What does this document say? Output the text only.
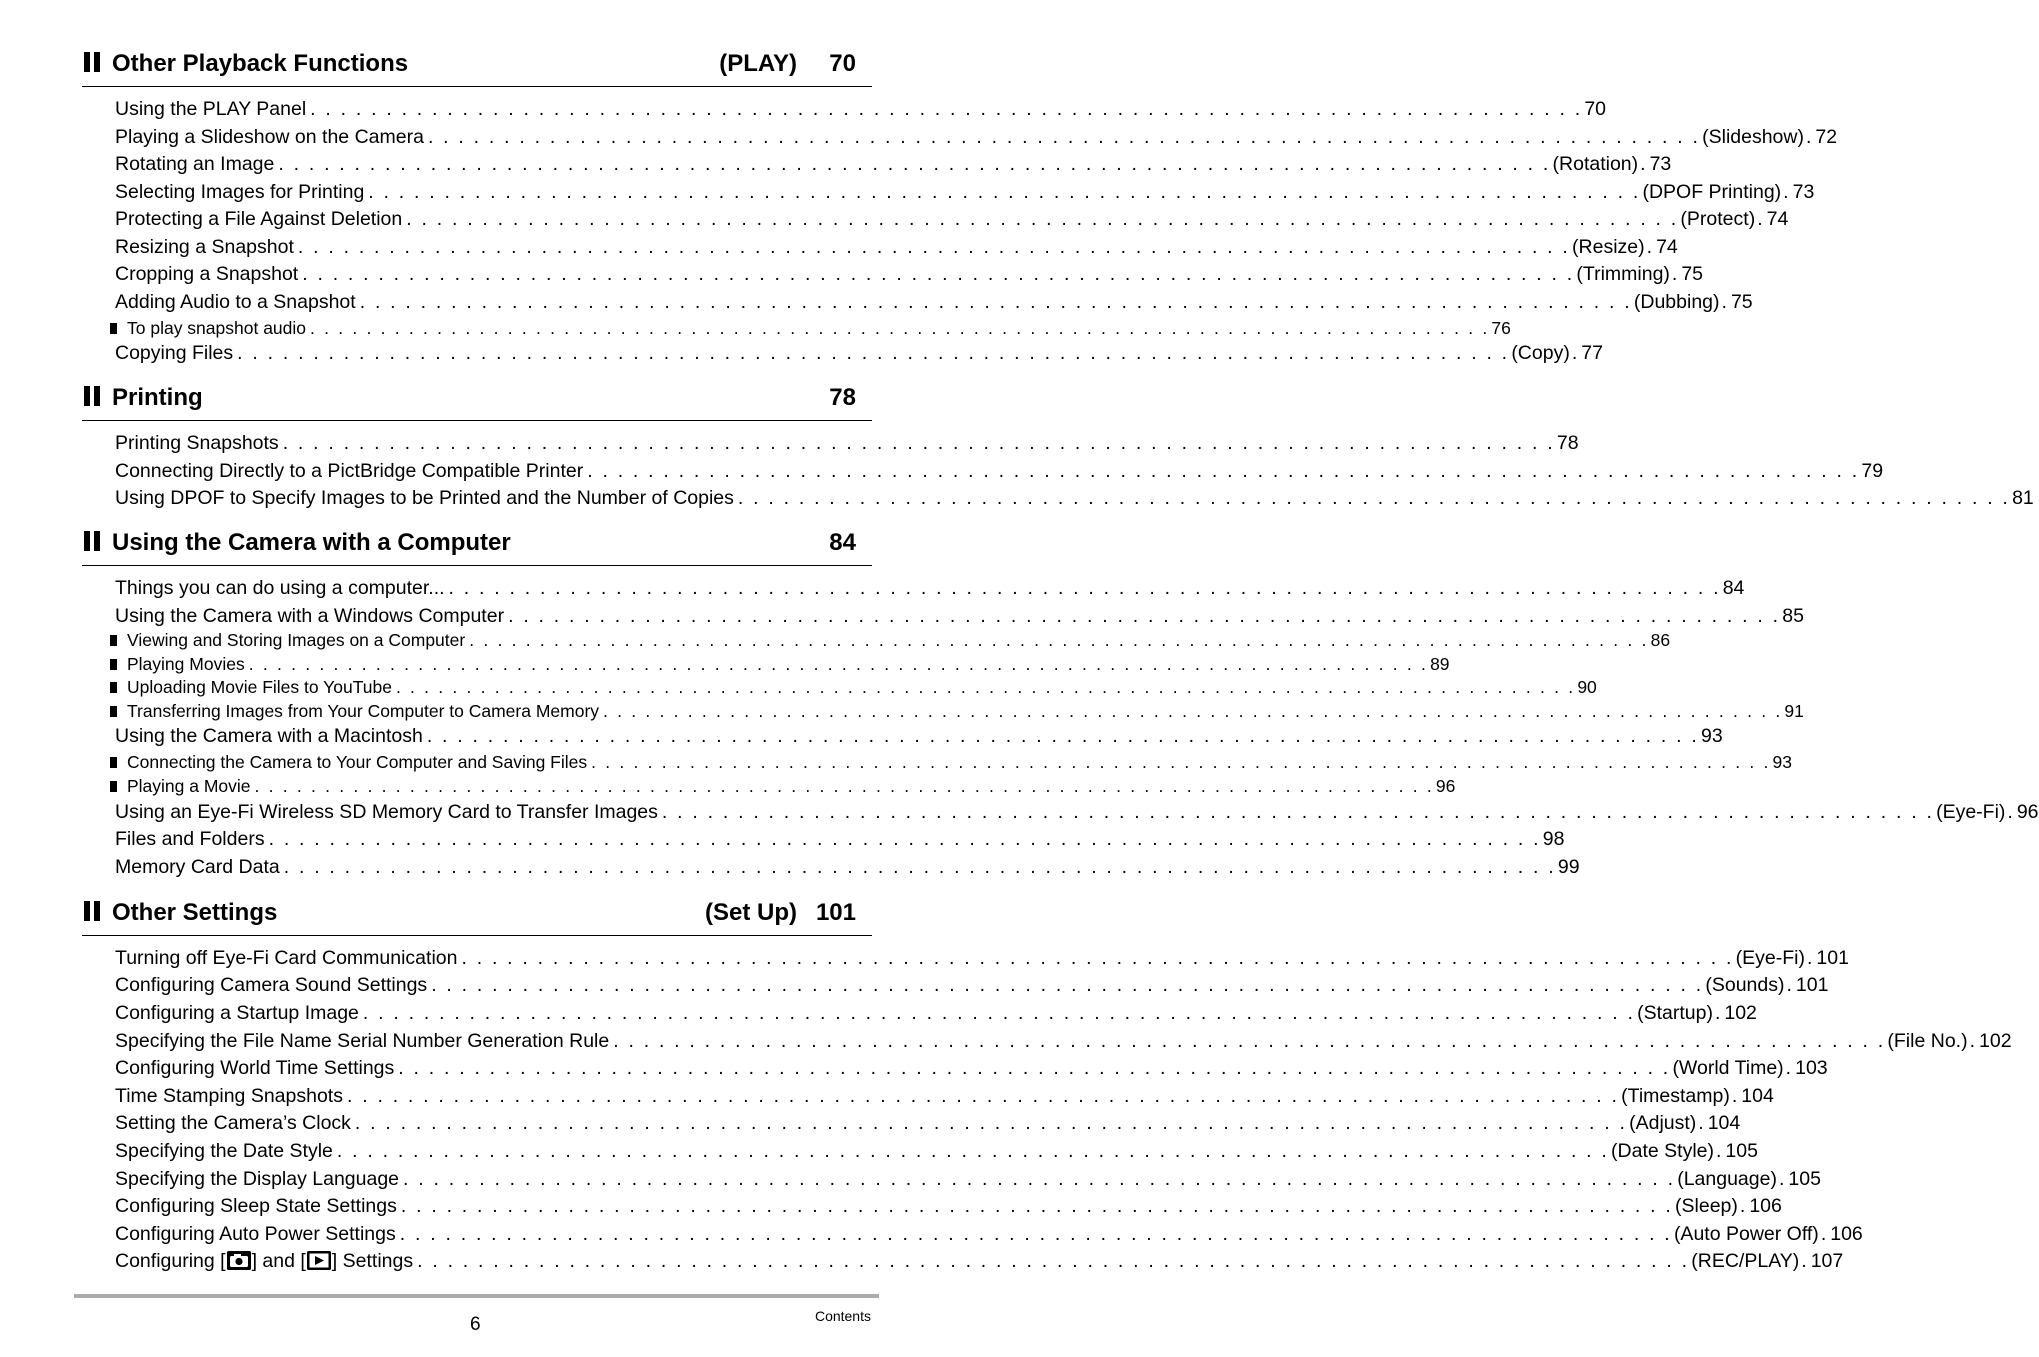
Other Playback Functions	(PLAY) 70
Using the PLAY Panel . . . . . . . . . . . . . . . . . . . . . . . . . . . . . . . . . . . . . . . . . . . . . . . . . . . . . . . . . . . . . . . . . . . . . . . . . . . . . . . . . . . . 70
Playing a Slideshow on the Camera . . . . . . . . . . . . . . . . . . . . . . . . . . . . . . . . . . . . . . . . . . . . . . . . . . . . . . . . . . . . . . . . . . . . . . . . . . . . . . . . . . . . (Slideshow) . 72
Rotating an Image . . . . . . . . . . . . . . . . . . . . . . . . . . . . . . . . . . . . . . . . . . . . . . . . . . . . . . . . . . . . . . . . . . . . . . . . . . . . . . . . . . . . (Rotation) . 73
Selecting Images for Printing . . . . . . . . . . . . . . . . . . . . . . . . . . . . . . . . . . . . . . . . . . . . . . . . . . . . . . . . . . . . . . . . . . . . . . . . . . . . . . . . . . . . (DPOF Printing) . 73
Protecting a File Against Deletion . . . . . . . . . . . . . . . . . . . . . . . . . . . . . . . . . . . . . . . . . . . . . . . . . . . . . . . . . . . . . . . . . . . . . . . . . . . . . . . . . . . . (Protect) . 74
Resizing a Snapshot . . . . . . . . . . . . . . . . . . . . . . . . . . . . . . . . . . . . . . . . . . . . . . . . . . . . . . . . . . . . . . . . . . . . . . . . . . . . . . . . . . . . (Resize) . 74
Cropping a Snapshot . . . . . . . . . . . . . . . . . . . . . . . . . . . . . . . . . . . . . . . . . . . . . . . . . . . . . . . . . . . . . . . . . . . . . . . . . . . . . . . . . . . . (Trimming) . 75
Adding Audio to a Snapshot . . . . . . . . . . . . . . . . . . . . . . . . . . . . . . . . . . . . . . . . . . . . . . . . . . . . . . . . . . . . . . . . . . . . . . . . . . . . . . . . . . . . (Dubbing) . 75
To play snapshot audio . . . . . . . . . . . . . . . . . . . . . . . . . . . . . . . . . . . . . . . . . . . . . . . . . . . . . . . . . . . . . . . . . . . . . . . . . . . . . . . . . . . . 76
Copying Files . . . . . . . . . . . . . . . . . . . . . . . . . . . . . . . . . . . . . . . . . . . . . . . . . . . . . . . . . . . . . . . . . . . . . . . . . . . . . . . . . . . . (Copy) . 77
Printing	78
Printing Snapshots . . . . . . . . . . . . . . . . . . . . . . . . . . . . . . . . . . . . . . . . . . . . . . . . . . . . . . . . . . . . . . . . . . . . . . . . . . . . . . . . . . . . 78
Connecting Directly to a PictBridge Compatible Printer . . . . . . . . . . . . . . . . . . . . . . . . . . . . . . . . . . . . . . . . . . . . . . . . . . . . . . . . . . . . . . . . . . . . . . . . . . . . . . . . . . . . 79
Using DPOF to Specify Images to be Printed and the Number of Copies . . . . . . . . . . . . . . . . . . . . . . . . . . . . . . . . . . . . . . . . . . . . . . . . . . . . . . . . . . . . . . . . . . . . . . . . . . . . . . . . . . . . 81
Using the Camera with a Computer	84
Things you can do using a computer... . . . . . . . . . . . . . . . . . . . . . . . . . . . . . . . . . . . . . . . . . . . . . . . . . . . . . . . . . . . . . . . . . . . . . . . . . . . . . . . . . . . . 84
Using the Camera with a Windows Computer . . . . . . . . . . . . . . . . . . . . . . . . . . . . . . . . . . . . . . . . . . . . . . . . . . . . . . . . . . . . . . . . . . . . . . . . . . . . . . . . . . . . 85
Viewing and Storing Images on a Computer . . . . . . . . . . . . . . . . . . . . . . . . . . . . . . . . . . . . . . . . . . . . . . . . . . . . . . . . . . . . . . . . . . . . . . . . . . . . . . . . . . . . 86
Playing Movies . . . . . . . . . . . . . . . . . . . . . . . . . . . . . . . . . . . . . . . . . . . . . . . . . . . . . . . . . . . . . . . . . . . . . . . . . . . . . . . . . . . . 89
Uploading Movie Files to YouTube . . . . . . . . . . . . . . . . . . . . . . . . . . . . . . . . . . . . . . . . . . . . . . . . . . . . . . . . . . . . . . . . . . . . . . . . . . . . . . . . . . . . 90
Transferring Images from Your Computer to Camera Memory . . . . . . . . . . . . . . . . . . . . . . . . . . . . . . . . . . . . . . . . . . . . . . . . . . . . . . . . . . . . . . . . . . . . . . . . . . . . . . . . . . . . 91
Using the Camera with a Macintosh . . . . . . . . . . . . . . . . . . . . . . . . . . . . . . . . . . . . . . . . . . . . . . . . . . . . . . . . . . . . . . . . . . . . . . . . . . . . . . . . . . . . 93
Connecting the Camera to Your Computer and Saving Files . . . . . . . . . . . . . . . . . . . . . . . . . . . . . . . . . . . . . . . . . . . . . . . . . . . . . . . . . . . . . . . . . . . . . . . . . . . . . . . . . . . . 93
Playing a Movie . . . . . . . . . . . . . . . . . . . . . . . . . . . . . . . . . . . . . . . . . . . . . . . . . . . . . . . . . . . . . . . . . . . . . . . . . . . . . . . . . . . . 96
Using an Eye-Fi Wireless SD Memory Card to Transfer Images . . . . . . . . . . . . . . . . . . . . . . . . . . . . . . . . . . . . . . . . . . . . . . . . . . . . . . . . . . . . . . . . . . . . . . . . . . . . . . . . . . . . (Eye-Fi) . 96
Files and Folders . . . . . . . . . . . . . . . . . . . . . . . . . . . . . . . . . . . . . . . . . . . . . . . . . . . . . . . . . . . . . . . . . . . . . . . . . . . . . . . . . . . . 98
Memory Card Data . . . . . . . . . . . . . . . . . . . . . . . . . . . . . . . . . . . . . . . . . . . . . . . . . . . . . . . . . . . . . . . . . . . . . . . . . . . . . . . . . . . . 99
Other Settings	(Set Up) 101
Turning off Eye-Fi Card Communication . . . . . . . . . . . . . . . . . . . . . . . . . . . . . . . . . . . . . . . . . . . . . . . . . . . . . . . . . . . . . . . . . . . . . . . . . . . . . . . . . . . . (Eye-Fi) . 101
Configuring Camera Sound Settings . . . . . . . . . . . . . . . . . . . . . . . . . . . . . . . . . . . . . . . . . . . . . . . . . . . . . . . . . . . . . . . . . . . . . . . . . . . . . . . . . . . . (Sounds) . 101
Configuring a Startup Image . . . . . . . . . . . . . . . . . . . . . . . . . . . . . . . . . . . . . . . . . . . . . . . . . . . . . . . . . . . . . . . . . . . . . . . . . . . . . . . . . . . . (Startup) . 102
Specifying the File Name Serial Number Generation Rule . . . . . . . . . . . . . . . . . . . . . . . . . . . . . . . . . . . . . . . . . . . . . . . . . . . . . . . . . . . . . . . . . . . . . . . . . . . . . . . . . . . . (File No.) . 102
Configuring World Time Settings . . . . . . . . . . . . . . . . . . . . . . . . . . . . . . . . . . . . . . . . . . . . . . . . . . . . . . . . . . . . . . . . . . . . . . . . . . . . . . . . . . . . (World Time) . 103
Time Stamping Snapshots . . . . . . . . . . . . . . . . . . . . . . . . . . . . . . . . . . . . . . . . . . . . . . . . . . . . . . . . . . . . . . . . . . . . . . . . . . . . . . . . . . . . (Timestamp) . 104
Setting the Camera’s Clock . . . . . . . . . . . . . . . . . . . . . . . . . . . . . . . . . . . . . . . . . . . . . . . . . . . . . . . . . . . . . . . . . . . . . . . . . . . . . . . . . . . . (Adjust) . 104
Specifying the Date Style . . . . . . . . . . . . . . . . . . . . . . . . . . . . . . . . . . . . . . . . . . . . . . . . . . . . . . . . . . . . . . . . . . . . . . . . . . . . . . . . . . . . (Date Style) . 105
Specifying the Display Language . . . . . . . . . . . . . . . . . . . . . . . . . . . . . . . . . . . . . . . . . . . . . . . . . . . . . . . . . . . . . . . . . . . . . . . . . . . . . . . . . . . . (Language) . 105
Configuring Sleep State Settings . . . . . . . . . . . . . . . . . . . . . . . . . . . . . . . . . . . . . . . . . . . . . . . . . . . . . . . . . . . . . . . . . . . . . . . . . . . . . . . . . . . . (Sleep) . 106
Configuring Auto Power Settings . . . . . . . . . . . . . . . . . . . . . . . . . . . . . . . . . . . . . . . . . . . . . . . . . . . . . . . . . . . . . . . . . . . . . . . . . . . . . . . . . . . . (Auto Power Off) . 106
Configuring [ ] and [ ] Settings . . . . . . . . . . . . . . . . . . . . . . . . . . . . . . . . . . . . . . . . . . . . . . . . . . . . . . . . . . . . . . . . . . . . . . . . . . . . . . . . . . . . (REC/PLAY) . 107
6	Contents
